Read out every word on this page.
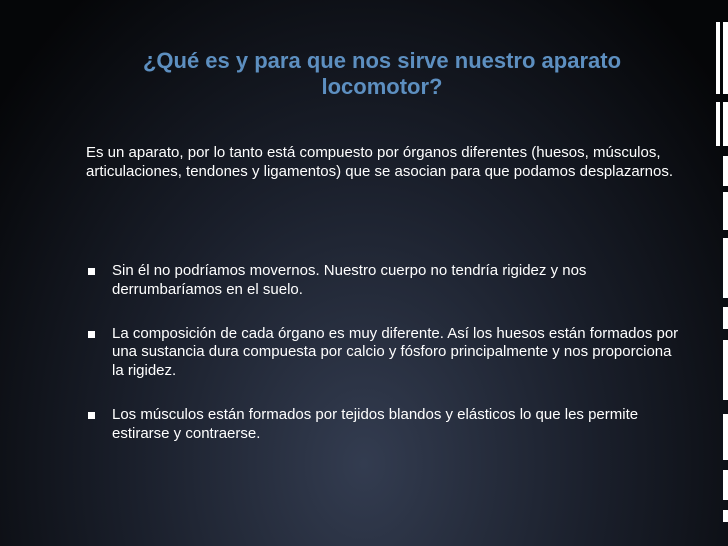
¿Qué es y para que nos sirve nuestro aparato locomotor?
Es un aparato, por lo tanto está compuesto por órganos diferentes (huesos, músculos, articulaciones, tendones y ligamentos) que se asocian para que podamos desplazarnos.
Sin él no podríamos movernos. Nuestro cuerpo no tendría rigidez y nos derrumbaríamos en el suelo.
La composición de cada órgano es muy diferente. Así los huesos están formados por una sustancia dura compuesta por calcio y fósforo principalmente y nos proporciona la rigidez.
Los músculos están formados por tejidos blandos y elásticos lo que les permite estirarse y contraerse.
